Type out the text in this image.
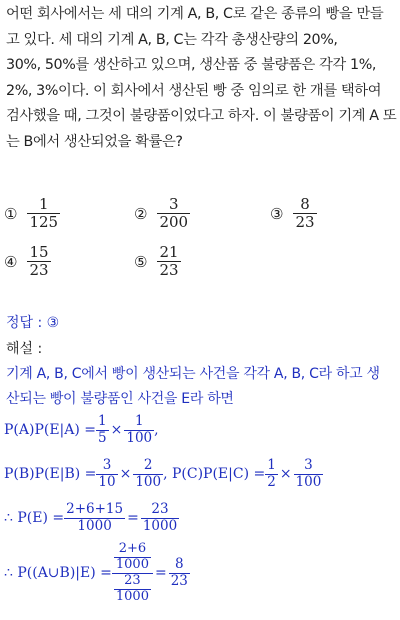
어떤 회사에서는 세 대의 기계 A, B, C로 같은 종류의 빵을 만들
고 있다. 세 대의 기계 A, B, C는 각각 총생산량의 20%,
30%, 50%를 생산하고 있으며, 생산품 중 불량품은 각각 1%,
2%, 3%이다. 이 회사에서 생산된 빵 중 임의로 한 개를 택하여
검사했을 때, 그것이 불량품이었다고 하자. 이 불량품이 기계 A 또
는 B에서 생산되었을 확률은?
① $\frac{1}{125}$	② $\frac{3}{200}$	③ $\frac{8}{23}$
④ $\frac{15}{23}$	⑤ $\frac{21}{23}$
정답 : ③
해설 :
기계 A, B, C에서 빵이 생산되는 사건을 각각 A, B, C라 하고 생
산되는 빵이 불량품인 사건을 E라 하면
$P(A)P(E|A) = \frac{1}{5} \times \frac{1}{100}$ ,
$P(B)P(E|B) = \frac{3}{10} \times \frac{2}{100}$ , $P(C)P(E|C) = \frac{1}{2} \times \frac{3}{100}$
∴ $P(E) = \frac{2+6+15}{1000} = \frac{23}{1000}$
∴ P((A∪B)|E) = $\frac{\frac{2+6}{1000}}{\frac{23}{1000}} = \frac{8}{23}$
